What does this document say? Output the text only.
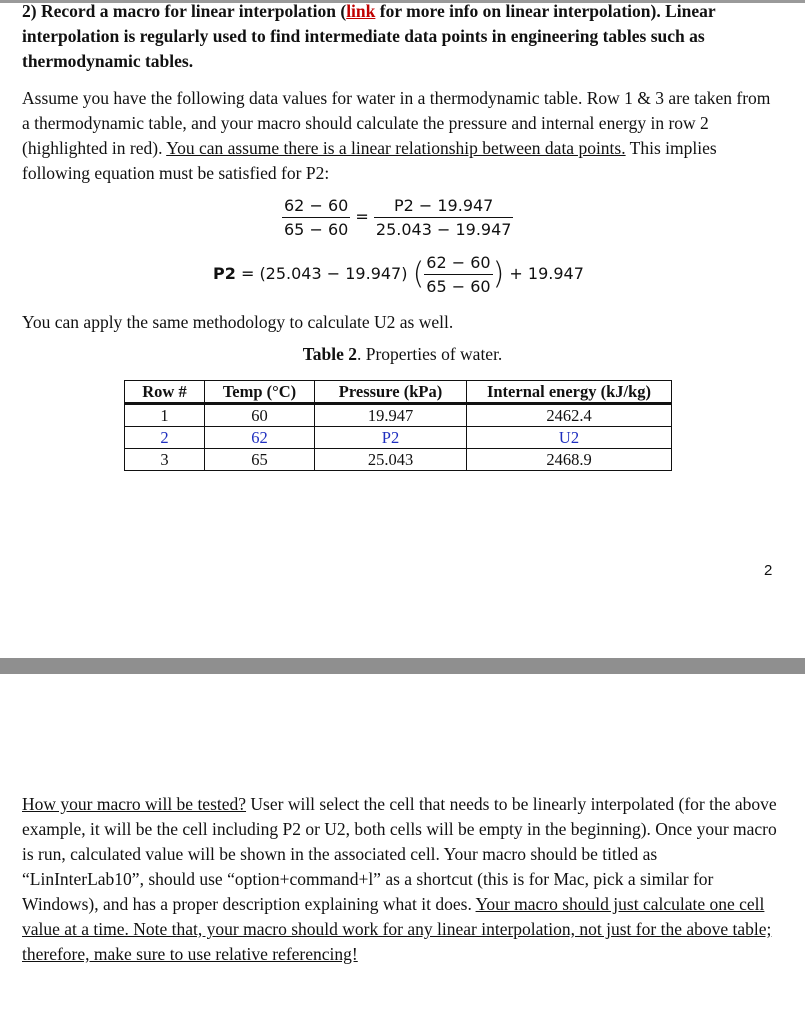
2) Record a macro for linear interpolation (link for more info on linear interpolation). Linear interpolation is regularly used to find intermediate data points in engineering tables such as thermodynamic tables.
Assume you have the following data values for water in a thermodynamic table. Row 1 & 3 are taken from a thermodynamic table, and your macro should calculate the pressure and internal energy in row 2 (highlighted in red). You can assume there is a linear relationship between data points. This implies following equation must be satisfied for P2:
$\frac{62 - 60}{65 - 60} = \frac{P2 - 19.947}{25.043 - 19.947}$
P2 = (25.043 − 19.947) ( $\frac{62 - 60}{65 - 60}$ ) + 19.947
You can apply the same methodology to calculate U2 as well.
Table 2. Properties of water.
Row #	Temp (°C)	Pressure (kPa)	Internal energy (kJ/kg)
1	60	19.947	2462.4
2	62	P2	U2
3	65	25.043	2468.9
2
How your macro will be tested? User will select the cell that needs to be linearly interpolated (for the above example, it will be the cell including P2 or U2, both cells will be empty in the beginning). Once your macro is run, calculated value will be shown in the associated cell. Your macro should be titled as “LinInterLab10”, should use “option+command+l” as a shortcut (this is for Mac, pick a similar for Windows), and has a proper description explaining what it does. Your macro should just calculate one cell value at a time. Note that, your macro should work for any linear interpolation, not just for the above table; therefore, make sure to use relative referencing!
